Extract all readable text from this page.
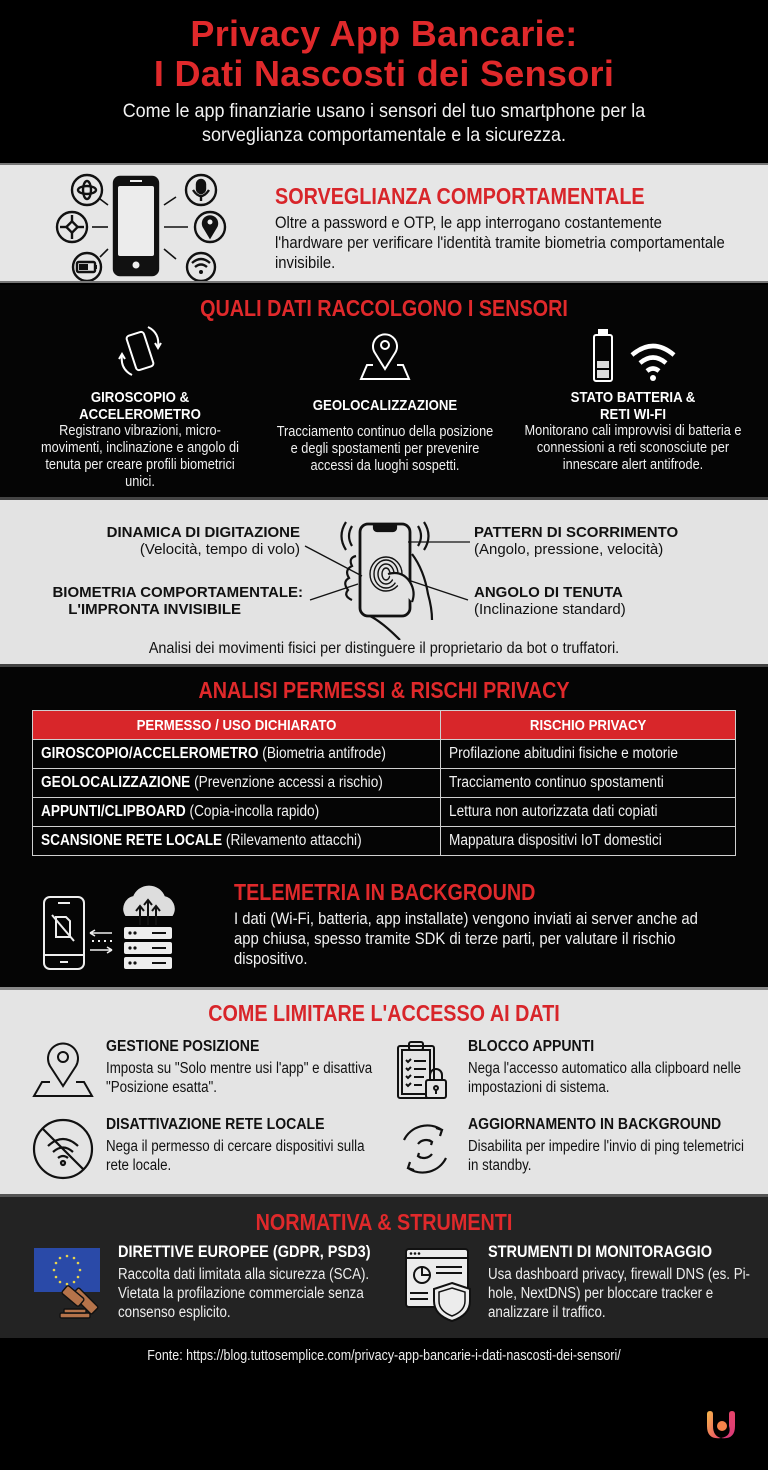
Privacy App Bancarie:
I Dati Nascosti dei Sensori

Come le app finanziarie usano i sensori del tuo smartphone per la sorveglianza comportamentale e la sicurezza.

SORVEGLIANZA COMPORTAMENTALE

Oltre a password e OTP, le app interrogano costantemente l'hardware per verificare l'identità tramite biometria comportamentale invisibile.

QUALI DATI RACCOLGONO I SENSORI
GIROSCOPIO &
ACCELEROMETRO

Registrano vibrazioni, micro-movimenti, inclinazione e angolo di tenuta per creare profili biometrici unici.

GEOLOCALIZZAZIONE

Tracciamento continuo della posizione e degli spostamenti per prevenire accessi da luoghi sospetti.

STATO BATTERIA &
RETI WI-FI

Monitorano cali improvvisi di batteria e connessioni a reti sconosciute per innescare alert antifrode.

DINAMICA DI DIGITAZIONE
(Velocità, tempo di volo)
BIOMETRIA COMPORTAMENTALE:
L'IMPRONTA INVISIBILE
PATTERN DI SCORRIMENTO
(Angolo, pressione, velocità)
ANGOLO DI TENUTA
(Inclinazione standard)
Analisi dei movimenti fisici per distinguere il proprietario da bot o truffatori.
ANALISI PERMESSI & RISCHI PRIVACY
PERMESSO / USO DICHIARATO	RISCHIO PRIVACY
GIROSCOPIO/ACCELEROMETRO (Biometria antifrode)	Profilazione abitudini fisiche e motorie
GEOLOCALIZZAZIONE (Prevenzione accessi a rischio)	Tracciamento continuo spostamenti
APPUNTI/CLIPBOARD (Copia-incolla rapido)	Lettura non autorizzata dati copiati
SCANSIONE RETE LOCALE (Rilevamento attacchi)	Mappatura dispositivi IoT domestici
TELEMETRIA IN BACKGROUND

I dati (Wi-Fi, batteria, app installate) vengono inviati ai server anche ad app chiusa, spesso tramite SDK di terze parti, per valutare il rischio dispositivo.

COME LIMITARE L'ACCESSO AI DATI
GESTIONE POSIZIONE

Imposta su "Solo mentre usi l'app" e disattiva "Posizione esatta".

BLOCCO APPUNTI

Nega l'accesso automatico alla clipboard nelle impostazioni di sistema.

DISATTIVAZIONE RETE LOCALE

Nega il permesso di cercare dispositivi sulla rete locale.

AGGIORNAMENTO IN BACKGROUND

Disabilita per impedire l'invio di ping telemetrici in standby.

NORMATIVA & STRUMENTI
DIRETTIVE EUROPEE (GDPR, PSD3)

Raccolta dati limitata alla sicurezza (SCA). Vietata la profilazione commerciale senza consenso esplicito.

STRUMENTI DI MONITORAGGIO

Usa dashboard privacy, firewall DNS (es. Pi-hole, NextDNS) per bloccare tracker e analizzare il traffico.

Fonte: https://blog.tuttosemplice.com/privacy-app-bancarie-i-dati-nascosti-dei-sensori/
